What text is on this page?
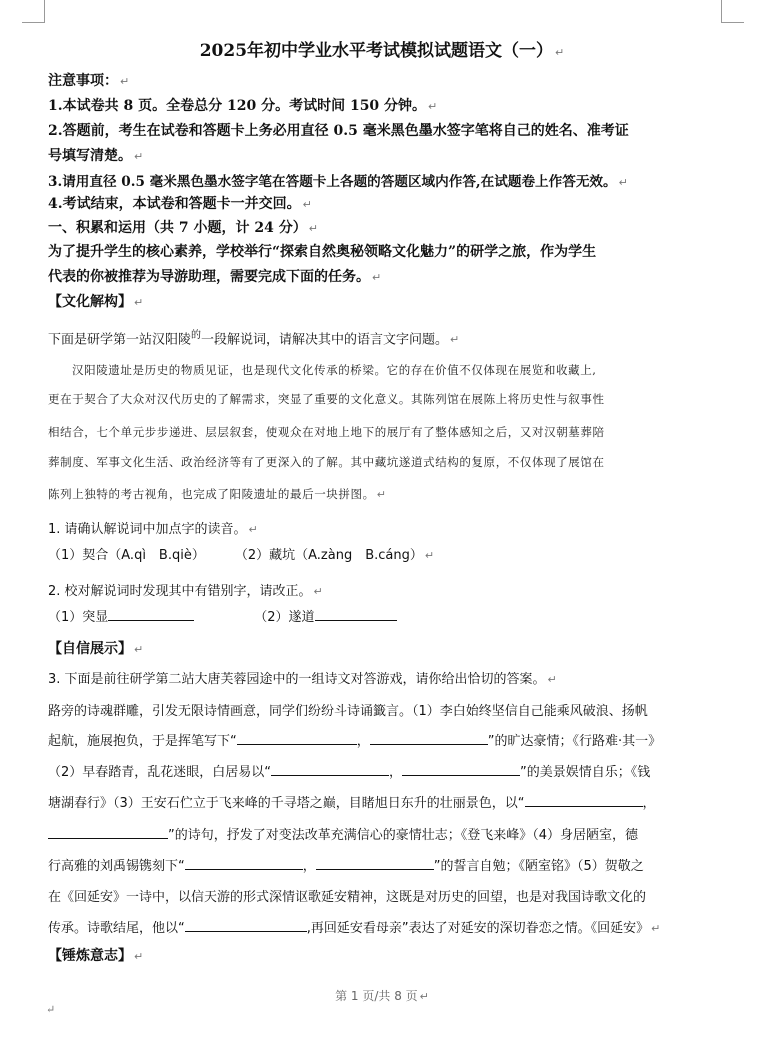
2025年初中学业水平考试模拟试题语文（一） ↵
注意事项： ↵
1.本试卷共 8 页。全卷总分 120 分。考试时间 150 分钟。 ↵
2.答题前，考生在试卷和答题卡上务必用直径 0.5 毫米黑色墨水签字笔将自己的姓名、准考证
号填写清楚。 ↵
3.请用直径 0.5 毫米黑色墨水签字笔在答题卡上各题的答题区域内作答,在试题卷上作答无效。 ↵
4.考试结束，本试卷和答题卡一并交回。 ↵
一、积累和运用（共 7 小题，计 24 分） ↵
为了提升学生的核心素养，学校举行“探索自然奥秘领略文化魅力”的研学之旅，作为学生
代表的你被推荐为导游助理，需要完成下面的任务。 ↵
【文化解构】 ↵
下面是研学第一站汉阳陵$^的$一段解说词，请解决其中的语言文字问题。 ↵
汉阳陵遗址是历史的物质见证，也是现代文化传承的桥梁。它的存在价值不仅体现在展览和收藏上,
更在于契合了大众对汉代历史的了解需求，突显了重要的文化意义。其陈列馆在展陈上将历史性与叙事性
相结合，七个单元步步递进、层层叙套，使观众在对地上地下的展厅有了整体感知之后，又对汉朝墓葬陪
葬制度、军事文化生活、政治经济等有了更深入的了解。其中藏坑遂道式结构的复原，不仅体现了展馆在
陈列上独特的考古视角，也完成了阳陵遗址的最后一块拼图。 ↵
1. 请确认解说词中加点字的读音。 ↵
（1）契合（A.qì　B.qiè） （2）藏坑（A.zàng　B.cáng） ↵
2. 校对解说词时发现其中有错别字，请改正。 ↵
（1）突显	（2）遂道
【自信展示】 ↵
3. 下面是前往研学第二站大唐芙蓉园途中的一组诗文对答游戏，请你给出恰切的答案。 ↵
路旁的诗魂群雕，引发无限诗情画意，同学们纷纷斗诗诵籤言。（1）李白始终坚信自己能乘风破浪、扬帆
起航，施展抱负，于是挥笔写下“	，	”的旷达豪情；《行路难·其一》
（2）早春踏青，乱花迷眼，白居易以“	，	”的美景娱情自乐；《钱
塘湖春行》（3）王安石伫立于飞来峰的千寻塔之巅，目睹旭日东升的壮丽景色，以“	，
”的诗句，抒发了对变法改革充满信心的豪情壮志；《登飞来峰》（4）身居陋室，德
行高雅的刘禹锡镌刻下“	，	”的誓言自勉；《陋室铭》（5）贺敬之
在《回延安》一诗中，以信天游的形式深情讴歌延安精神，这既是对历史的回望，也是对我国诗歌文化的
传承。诗歌结尾，他以“	,再回延安看母亲”表达了对延安的深切眷恋之情。《回延安》 ↵
【锤炼意志】 ↵
第 1 页/共 8 页 ↵
↵
